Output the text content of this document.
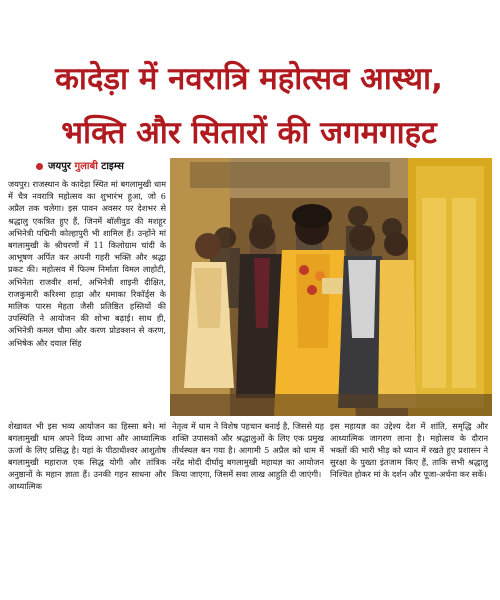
कादेड़ा में नवरात्रि महोत्सव आस्था,
भक्ति और सितारों की जगमगाहट
जयपुर गुलाबी टाइम्स
जयपुर। राजस्थान के कादेड़ा स्थित मां बगलामुखी धाम में चैत्र नवरात्रि महोत्सव का शुभारंभ हुआ, जो 6 अप्रैल तक चलेगा। इस पावन अवसर पर देशभर से श्रद्धालु एकत्रित हुए हैं, जिनमें बॉलीवुड की मशहूर अभिनेत्री पद्मिनी कोल्हापुरी भी शामिल हैं। उन्होंने मां बगलामुखी के श्रीचरणों में 11 किलोग्राम चांदी के आभूषण अर्पित कर अपनी गहरी भक्ति और श्रद्धा प्रकट की। महोत्सव में फिल्म निर्माता विमल लाहोटी, अभिनेता राजवीर शर्मा, अभिनेत्री शाइनी दीक्षित, राजकुमारी करिश्मा हाड़ा और धमाका रिकॉर्ड्स के मालिक पारस मेहता जैसी प्रतिष्ठित हस्तियों की उपस्थिति ने आयोजन की शोभा बढ़ाई। साथ ही, अभिनेत्री कमल चौमा और करण प्रोडक्शन से करण, अभिषेक और दयाल सिंह
शेखावत भी इस भव्य आयोजन का हिस्सा बने। मां बगलामुखी धाम अपने दिव्य आभा और आध्यात्मिक ऊर्जा के लिए प्रसिद्ध है। यहां के पीठाधीश्वर आशुतोष बगलामुखी महाराज एक सिद्ध योगी और तांत्रिक अनुष्ठानों के महान ज्ञाता हैं। उनकी गहन साधना और आध्यात्मिक
नेतृत्व में धाम ने विशेष पहचान बनाई है, जिससे यह शक्ति उपासकों और श्रद्धालुओं के लिए एक प्रमुख तीर्थस्थल बन गया है। आगामी 5 अप्रैल को धाम में नरेंद्र मोदी दीर्घायु बगलामुखी महायज्ञ का आयोजन किया जाएगा, जिसमें सवा लाख आहुति दी जाएंगी।
इस महायज्ञ का उद्देश्य देश में शांति, समृद्धि और आध्यात्मिक जागरण लाना है। महोत्सव के दौरान भक्तों की भारी भीड़ को ध्यान में रखते हुए प्रशासन ने सुरक्षा के पुख्ता इंतजाम किए हैं, ताकि सभी श्रद्धालु निश्चित होकर मां के दर्शन और पूजा-अर्चना कर सकें।
